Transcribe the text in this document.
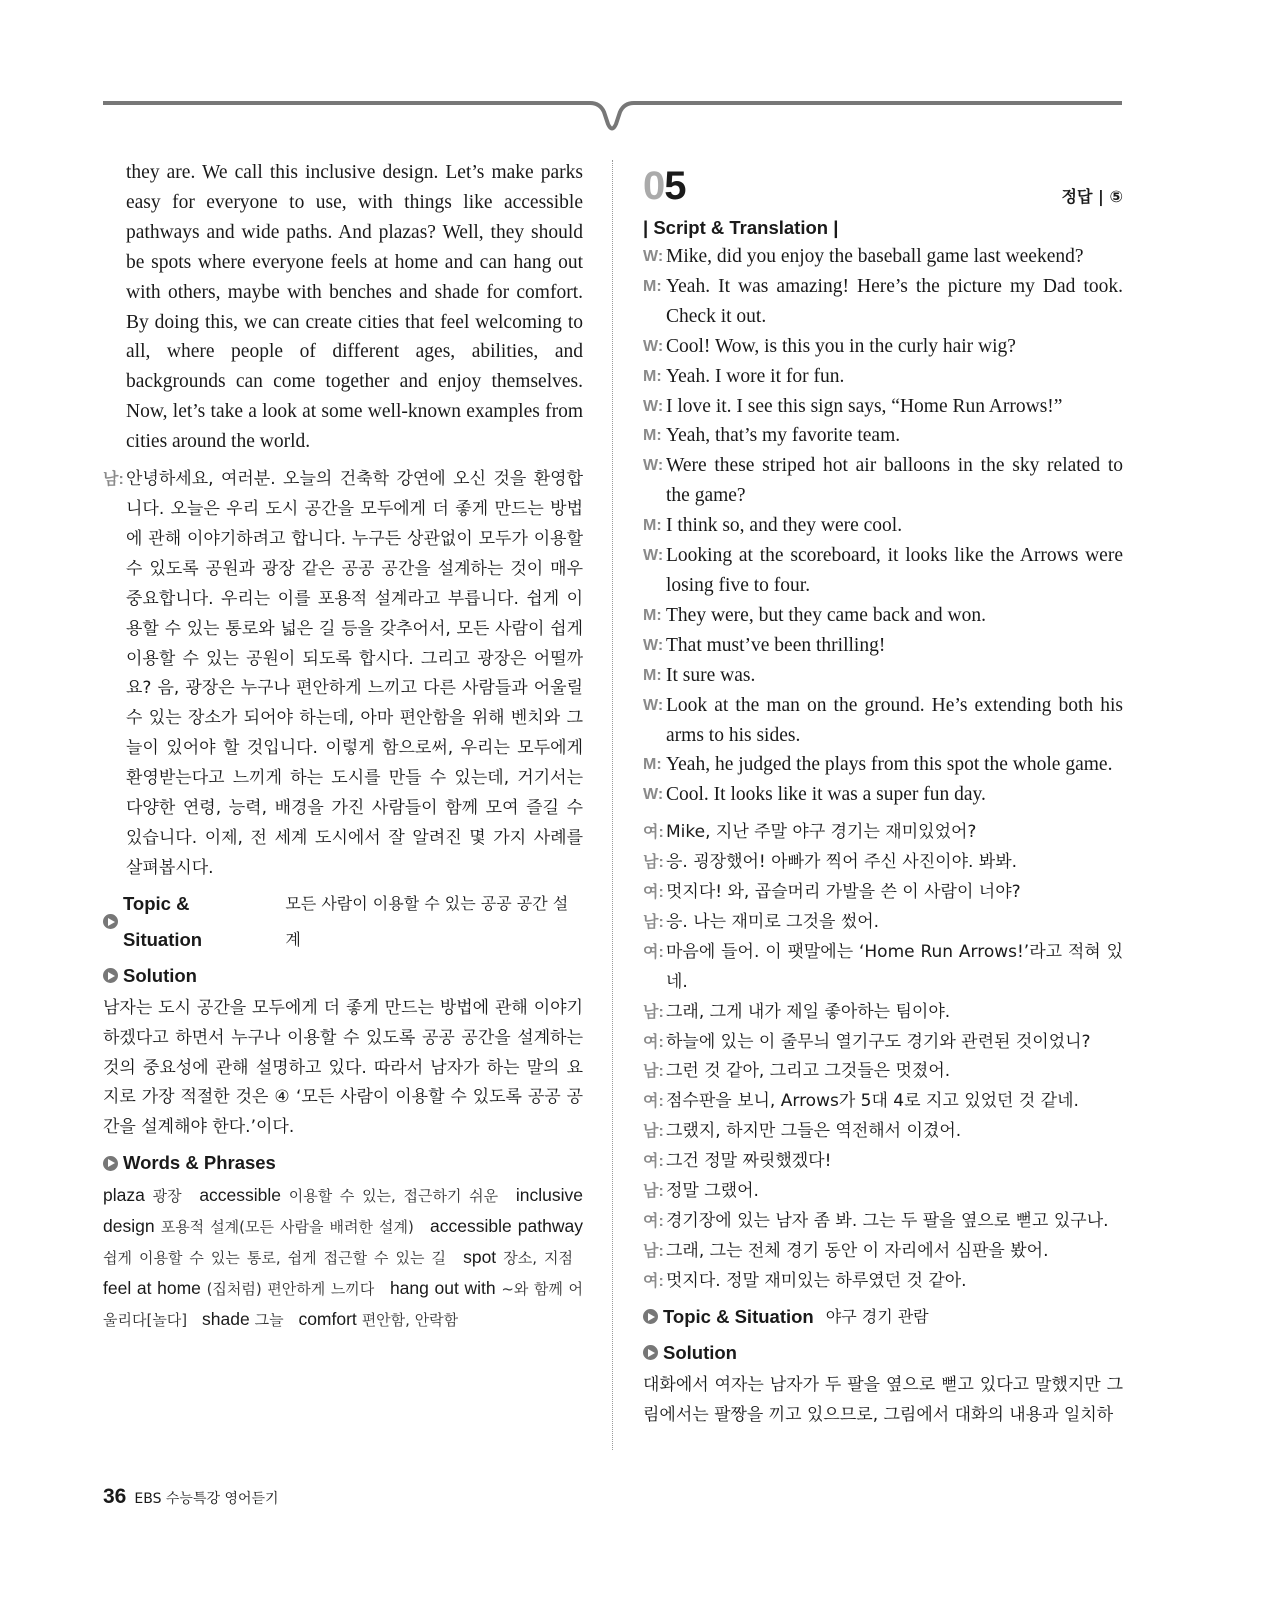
they are. We call this inclusive design. Let’s make parks easy for everyone to use, with things like accessible pathways and wide paths. And plazas? Well, they should be spots where everyone feels at home and can hang out with others, maybe with benches and shade for comfort. By doing this, we can create cities that feel welcoming to all, where people of different ages, abilities, and backgrounds can come together and enjoy themselves. Now, let’s take a look at some well-known examples from cities around the world.

남: 안녕하세요, 여러분. 오늘의 건축학 강연에 오신 것을 환영합니다. 오늘은 우리 도시 공간을 모두에게 더 좋게 만드는 방법에 관해 이야기하려고 합니다. 누구든 상관없이 모두가 이용할 수 있도록 공원과 광장 같은 공공 공간을 설계하는 것이 매우 중요합니다. 우리는 이를 포용적 설계라고 부릅니다. 쉽게 이용할 수 있는 통로와 넓은 길 등을 갖추어서, 모든 사람이 쉽게 이용할 수 있는 공원이 되도록 합시다. 그리고 광장은 어떨까요? 음, 광장은 누구나 편안하게 느끼고 다른 사람들과 어울릴 수 있는 장소가 되어야 하는데, 아마 편안함을 위해 벤치와 그늘이 있어야 할 것입니다. 이렇게 함으로써, 우리는 모두에게 환영받는다고 느끼게 하는 도시를 만들 수 있는데, 거기서는 다양한 연령, 능력, 배경을 가진 사람들이 함께 모여 즐길 수 있습니다. 이제, 전 세계 도시에서 잘 알려진 몇 가지 사례를 살펴봅시다.
Topic & Situation
모든 사람이 이용할 수 있는 공공 공간 설계
Solution
남자는 도시 공간을 모두에게 더 좋게 만드는 방법에 관해 이야기하겠다고 하면서 누구나 이용할 수 있도록 공공 공간을 설계하는 것의 중요성에 관해 설명하고 있다. 따라서 남자가 하는 말의 요지로 가장 적절한 것은 ④ ‘모든 사람이 이용할 수 있도록 공공 공간을 설계해야 한다.’이다.
Words & Phrases
plaza 광장 accessible 이용할 수 있는, 접근하기 쉬운 inclusive design 포용적 설계(모든 사람을 배려한 설계) accessible pathway 쉽게 이용할 수 있는 통로, 쉽게 접근할 수 있는 길 spot 장소, 지점 feel at home (집처럼) 편안하게 느끼다 hang out with ~와 함께 어울리다[놀다] shade 그늘 comfort 편안함, 안락함
05	정답 | ⑤
| Script & Translation |
W: Mike, did you enjoy the baseball game last weekend?
M: Yeah. It was amazing! Here’s the picture my Dad took. Check it out.
W: Cool! Wow, is this you in the curly hair wig?
M: Yeah. I wore it for fun.
W: I love it. I see this sign says, “Home Run Arrows!”
M: Yeah, that’s my favorite team.
W: Were these striped hot air balloons in the sky related to the game?
M: I think so, and they were cool.
W: Looking at the scoreboard, it looks like the Arrows were losing five to four.
M: They were, but they came back and won.
W: That must’ve been thrilling!
M: It sure was.
W: Look at the man on the ground. He’s extending both his arms to his sides.
M: Yeah, he judged the plays from this spot the whole game.
W: Cool. It looks like it was a super fun day.
여: Mike, 지난 주말 야구 경기는 재미있었어?
남: 응. 굉장했어! 아빠가 찍어 주신 사진이야. 봐봐.
여: 멋지다! 와, 곱슬머리 가발을 쓴 이 사람이 너야?
남: 응. 나는 재미로 그것을 썼어.
여: 마음에 들어. 이 팻말에는 ‘Home Run Arrows!’라고 적혀 있네.
남: 그래, 그게 내가 제일 좋아하는 팀이야.
여: 하늘에 있는 이 줄무늬 열기구도 경기와 관련된 것이었니?
남: 그런 것 같아, 그리고 그것들은 멋졌어.
여: 점수판을 보니, Arrows가 5대 4로 지고 있었던 것 같네.
남: 그랬지, 하지만 그들은 역전해서 이겼어.
여: 그건 정말 짜릿했겠다!
남: 정말 그랬어.
여: 경기장에 있는 남자 좀 봐. 그는 두 팔을 옆으로 뻗고 있구나.
남: 그래, 그는 전체 경기 동안 이 자리에서 심판을 봤어.
여: 멋지다. 정말 재미있는 하루였던 것 같아.
Topic & Situation 야구 경기 관람
Solution
대화에서 여자는 남자가 두 팔을 옆으로 뻗고 있다고 말했지만 그림에서는 팔짱을 끼고 있으므로, 그림에서 대화의 내용과 일치하
36 EBS 수능특강 영어듣기
